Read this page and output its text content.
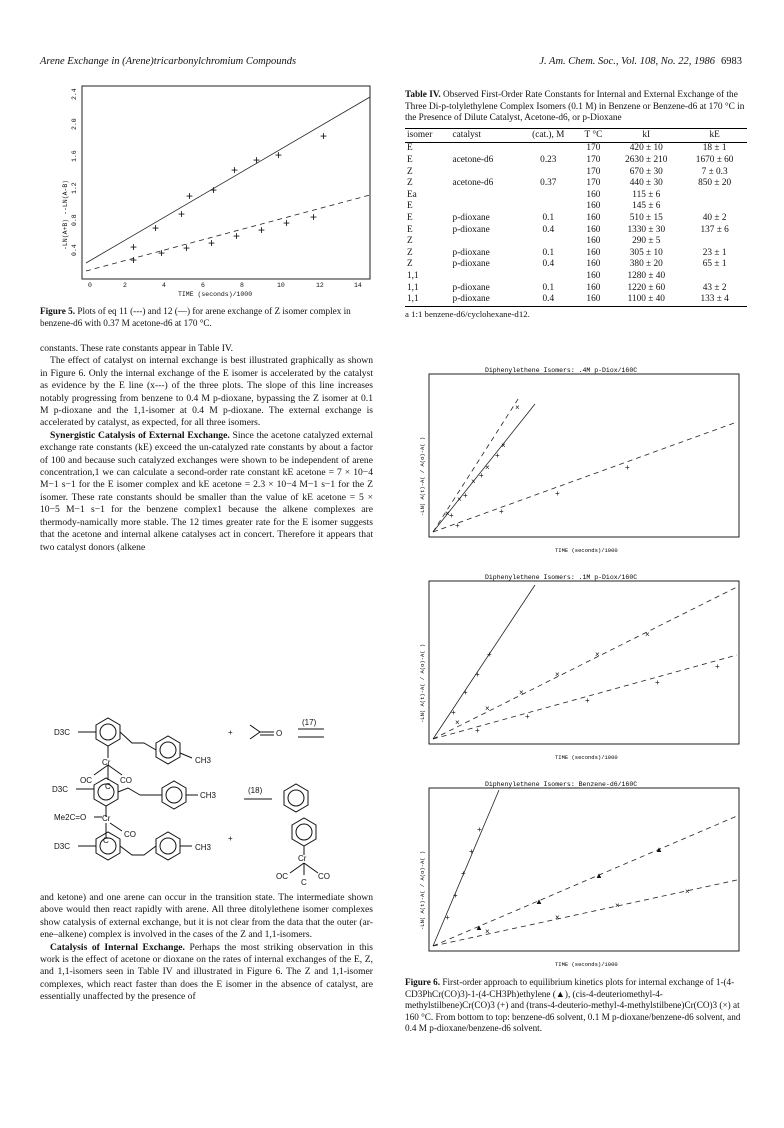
Arene Exchange in (Arene)tricarbonylchromium Compounds	J. Am. Chem. Soc., Vol. 108, No. 22, 1986 6983
+
+
+
+ +
+
+ +
+
+ + + + + + + +
0	2	4	6	8	10	12	14
TIME (seconds)/1000
0.4
0.8
1.2
1.6
2.0
2.4
-LN(A+B) --LN(A-B)
Figure 5. Plots of eq 11 (---) and 12 (—) for arene exchange of Z isomer complex in benzene-d6 with 0.37 M acetone-d6 at 170 °C.

constants. These rate constants appear in Table IV.

The effect of catalyst on internal exchange is best illustrated graphically as shown in Figure 6. Only the internal exchange of the E isomer is accelerated by the catalyst as evidence by the E line (x---) of the three plots. The slope of this line increases notably progressing from benzene to 0.4 M p-dioxane, bypassing the Z isomer at 0.1 M p-dioxane and the 1,1-isomer at 0.4 M p-dioxane. The external exchange is accelerated by catalyst, as expected, for all three isomers.

Synergistic Catalysis of External Exchange. Since the acetone catalyzed external exchange rate constants (kE) exceed the un-catalyzed rate constants by about a factor of 100 and because such catalyzed exchanges were shown to be independent of arene concentration,1 we can calculate a second-order rate constant kE acetone = 7 × 10−4 M−1 s−1 for the E isomer complex and kE acetone = 2.3 × 10−4 M−1 s−1 for the Z isomer. These rate constants should be smaller than the value of kE acetone = 5 × 10−5 M−1 s−1 for the benzene complex1 because the alkene complexes are thermody-namically more stable. The 12 times greater rate for the E isomer suggests that the acetone and internal alkene catalyses act in concert. Therefore it appears that two catalyst donors (alkene

D3C
CH3
Cr
OC	CO
C
+	O
(17)
D3C
CH3
(18)
Me2C=O Cr
CO
C
D3C	CH3
+
Cr
OC	CO
C

and ketone) and one arene can occur in the transition state. The intermediate shown above would then react rapidly with arene. All three ditolylethene isomer complexes show catalysis of external exchange, but it is not clear from the data that the outer (ar-ene–alkene) complex is involved in the cases of the Z and 1,1-isomers.

Catalysis of Internal Exchange. Perhaps the most striking observation in this work is the effect of acetone or dioxane on the rates of internal exchanges of the E, Z, and 1,1-isomers seen in Table IV and illustrated in Figure 6. The Z and 1,1-isomer complexes, which react faster than does the E isomer in the absence of catalyst, are essentially unaffected by the presence of

Table IV. Observed First-Order Rate Constants for Internal and External Exchange of the Three Di-p-tolylethylene Complex Isomers (0.1 M) in Benzene or Benzene-d6 at 170 °C in the Presence of Dilute Catalyst, Acetone-d6, or p-Dioxane
isomer	catalyst	(cat.), M	T °C	kI	kE
E			170	420 ± 10	18 ± 1
E	acetone-d6	0.23	170	2630 ± 210	1670 ± 60
Z			170	670 ± 30	7 ± 0.3
Z	acetone-d6	0.37	170	440 ± 30	850 ± 20
Ea			160	115 ± 6	
E			160	145 ± 6	
E	p-dioxane	0.1	160	510 ± 15	40 ± 2
E	p-dioxane	0.4	160	1330 ± 30	137 ± 6
Z			160	290 ± 5	
Z	p-dioxane	0.1	160	305 ± 10	23 ± 1
Z	p-dioxane	0.4	160	380 ± 20	65 ± 1
1,1			160	1280 ± 40	
1,1	p-dioxane	0.1	160	1220 ± 60	43 ± 2
1,1	p-dioxane	0.4	160	1100 ± 40	133 ± 4
a 1:1 benzene-d6/cyclohexane-d12.
Diphenylethene Isomers: .4M p-Diox/160C
×
×
×
×
×
×
+
+
+
+
+
+
+
+
TIME (seconds)/1000
-LN( A(t)-A( / A(o)-A( )
Diphenylethene Isomers: .1M p-Diox/160C
+
+
+
+
×
×
×
×
×
×
+
+
+
+
+
TIME (seconds)/1000
-LN( A(t)-A( / A(o)-A( )
Diphenylethene Isomers: Benzene-d6/160C
+
+
+
+
+
▲
▲
▲
▲
×
×
×
×
TIME (seconds)/1000
-LN( A(t)-A( / A(o)-A( )
Figure 6. First-order approach to equilibrium kinetics plots for internal exchange of 1-(4-CD3PhCr(CO)3)-1-(4-CH3Ph)ethylene (▲), (cis-4-deuteriomethyl-4-methylstilbene)Cr(CO)3 (+) and (trans-4-deuterio-methyl-4-methylstilbene)Cr(CO)3 (×) at 160 °C. From bottom to top: benzene-d6 solvent, 0.1 M p-dioxane/benzene-d6 solvent, and 0.4 M p-dioxane/benzene-d6 solvent.
